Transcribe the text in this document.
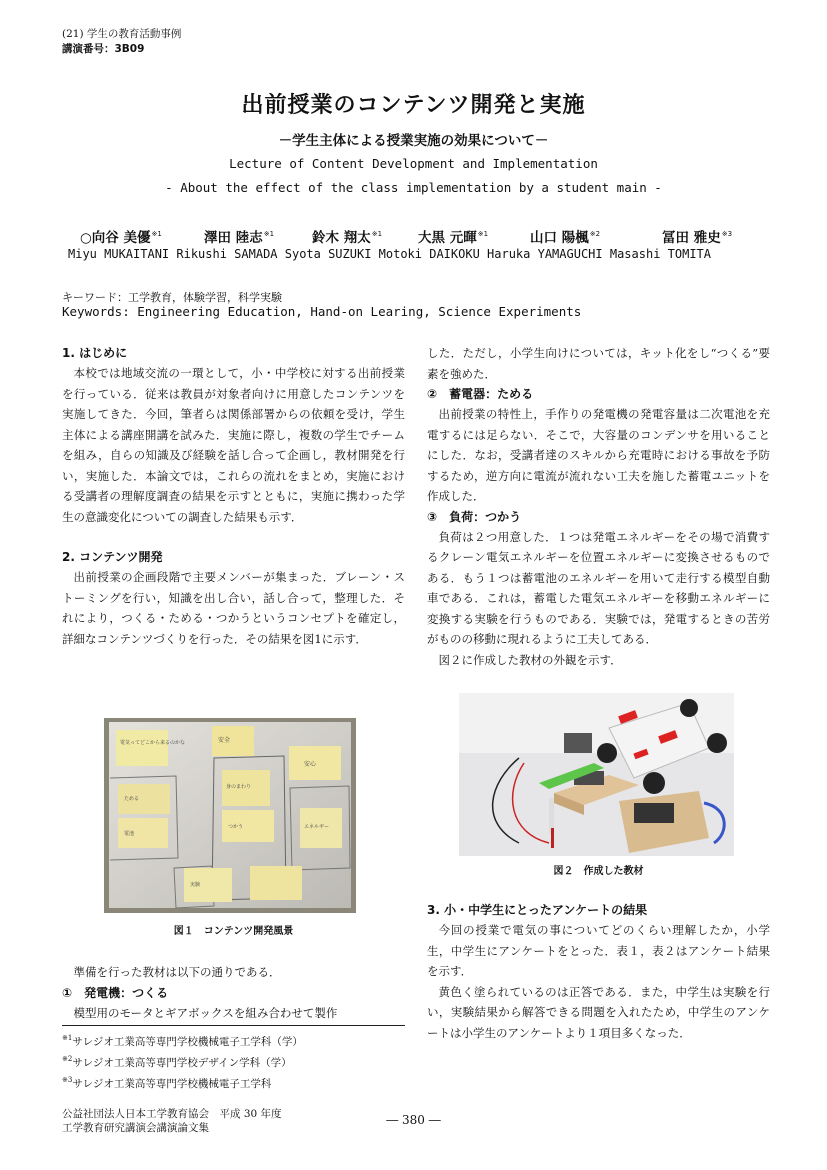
(21) 学生の教育活動事例
講演番号：3B09
出前授業のコンテンツ開発と実施
－学生主体による授業実施の効果について－
Lecture of Content Development and Implementation
- About the effect of the class implementation by a student main -
○向谷 美優$^{※1}$	澤田 陸志$^{※1}$	鈴木 翔太$^{※1}$	大黒 元暉$^{※1}$	山口 陽楓$^{※2}$	冨田 雅史$^{※3}$
Miyu MUKAITANI Rikushi SAMADA Syota SUZUKI Motoki DAIKOKU Haruka YAMAGUCHI Masashi TOMITA
キーワード：工学教育，体験学習，科学実験
Keywords: Engineering Education, Hand-on Learing, Science Experiments
1. はじめに

本校では地域交流の一環として，小・中学校に対する出前授業を行っている．従来は教員が対象者向けに用意したコンテンツを実施してきた．今回，筆者らは関係部署からの依頼を受け，学生主体による講座開講を試みた．実施に際し，複数の学生でチームを組み，自らの知識及び経験を話し合って企画し，教材開発を行い，実施した．本論文では，これらの流れをまとめ，実施における受講者の理解度調査の結果を示すとともに，実施に携わった学生の意識変化についての調査した結果も示す．

2. コンテンツ開発

出前授業の企画段階で主要メンバーが集まった．ブレーン・ストーミングを行い，知識を出し合い，話し合って，整理した．それにより，つくる・ためる・つかうというコンセプトを確定し，詳細なコンテンツづくりを行った．その結果を図1に示す．

電気ってどこから来るのかな	安全
身のまわり
安心
ためる
電池
つかう	エネルギー
実験
図１　コンテンツ開発風景

準備を行った教材は以下の通りである．

①　発電機：つくる

模型用のモータとギアボックスを組み合わせて製作

$^{※1}$サレジオ工業高等専門学校機械電子工学科（学）
$^{※2}$サレジオ工業高等専門学校デザイン学科（学）
$^{※3}$サレジオ工業高等専門学校機械電子工学科

した．ただし，小学生向けについては，キット化をし“つくる”要素を強めた．

②　蓄電器：ためる

出前授業の特性上，手作りの発電機の発電容量は二次電池を充電するには足らない．そこで，大容量のコンデンサを用いることにした．なお，受講者達のスキルから充電時における事故を予防するため，逆方向に電流が流れない工夫を施した蓄電ユニットを作成した．

③　負荷：つかう

負荷は２つ用意した．１つは発電エネルギーをその場で消費するクレーン電気エネルギーを位置エネルギーに変換させるものである．もう１つは蓄電池のエネルギーを用いて走行する模型自動車である．これは，蓄電した電気エネルギーを移動エネルギーに変換する実験を行うものである．実験では，発電するときの苦労がものの移動に現れるように工夫してある．

図２に作成した教材の外観を示す．

図２　作成した教材
3. 小・中学生にとったアンケートの結果

今回の授業で電気の事についてどのくらい理解したか，小学生，中学生にアンケートをとった．表１，表２はアンケート結果を示す．

黄色く塗られているのは正答である．また，中学生は実験を行い，実験結果から解答できる問題を入れたため，中学生のアンケートは小学生のアンケートより１項目多くなった．

公益社団法人日本工学教育協会　平成 30 年度
工学教育研究講演会講演論文集
― 380 ―
